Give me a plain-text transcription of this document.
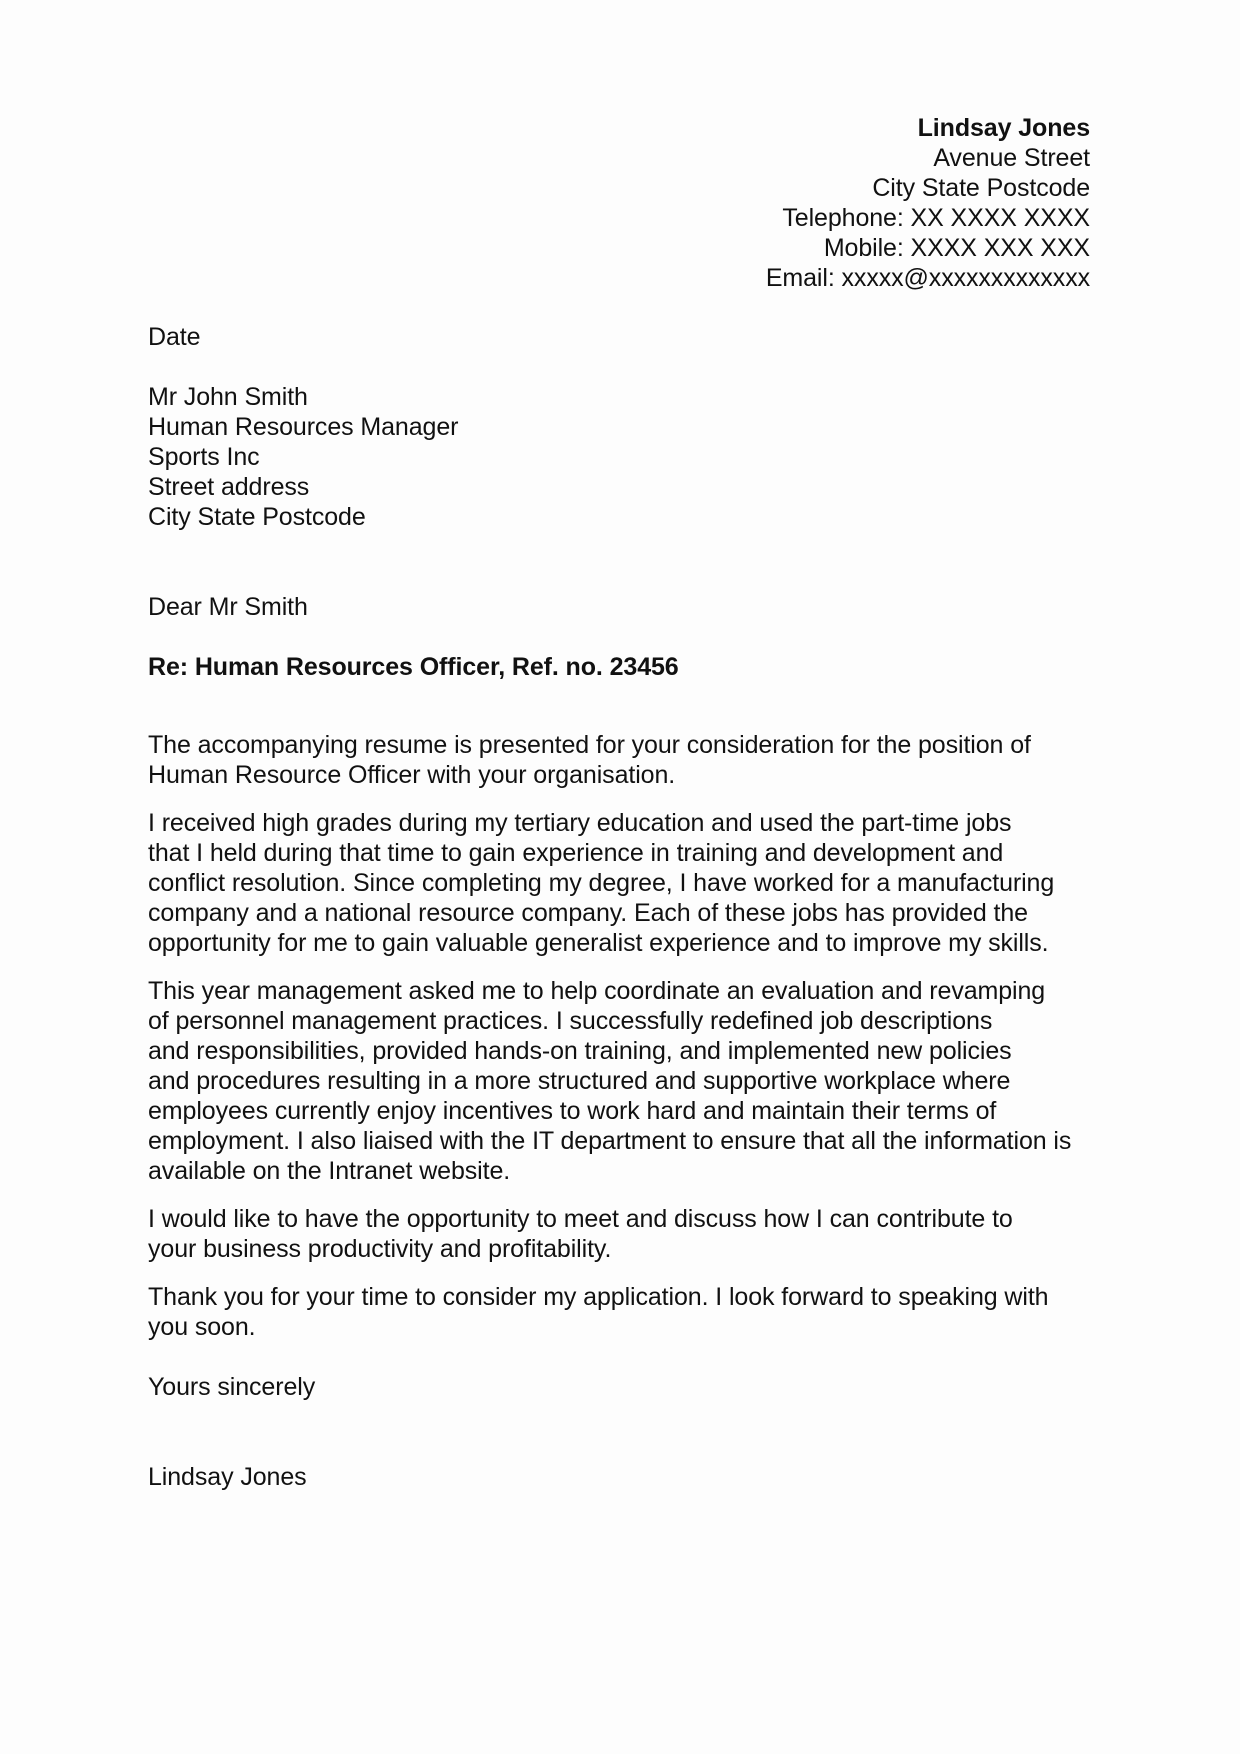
Lindsay Jones
Avenue Street
City State Postcode
Telephone: XX XXXX XXXX
Mobile: XXXX XXX XXX
Email: xxxxx@xxxxxxxxxxxxx
Date
Mr John Smith
Human Resources Manager
Sports Inc
Street address
City State Postcode
Dear Mr Smith
Re: Human Resources Officer, Ref. no. 23456

The accompanying resume is presented for your consideration for the position of
Human Resource Officer with your organisation.

I received high grades during my tertiary education and used the part-time jobs
that I held during that time to gain experience in training and development and
conflict resolution. Since completing my degree, I have worked for a manufacturing
company and a national resource company. Each of these jobs has provided the
opportunity for me to gain valuable generalist experience and to improve my skills.

This year management asked me to help coordinate an evaluation and revamping
of personnel management practices. I successfully redefined job descriptions
and responsibilities, provided hands-on training, and implemented new policies
and procedures resulting in a more structured and supportive workplace where
employees currently enjoy incentives to work hard and maintain their terms of
employment. I also liaised with the IT department to ensure that all the information is
available on the Intranet website.

I would like to have the opportunity to meet and discuss how I can contribute to
your business productivity and profitability.

Thank you for your time to consider my application. I look forward to speaking with
you soon.

Yours sincerely
Lindsay Jones
